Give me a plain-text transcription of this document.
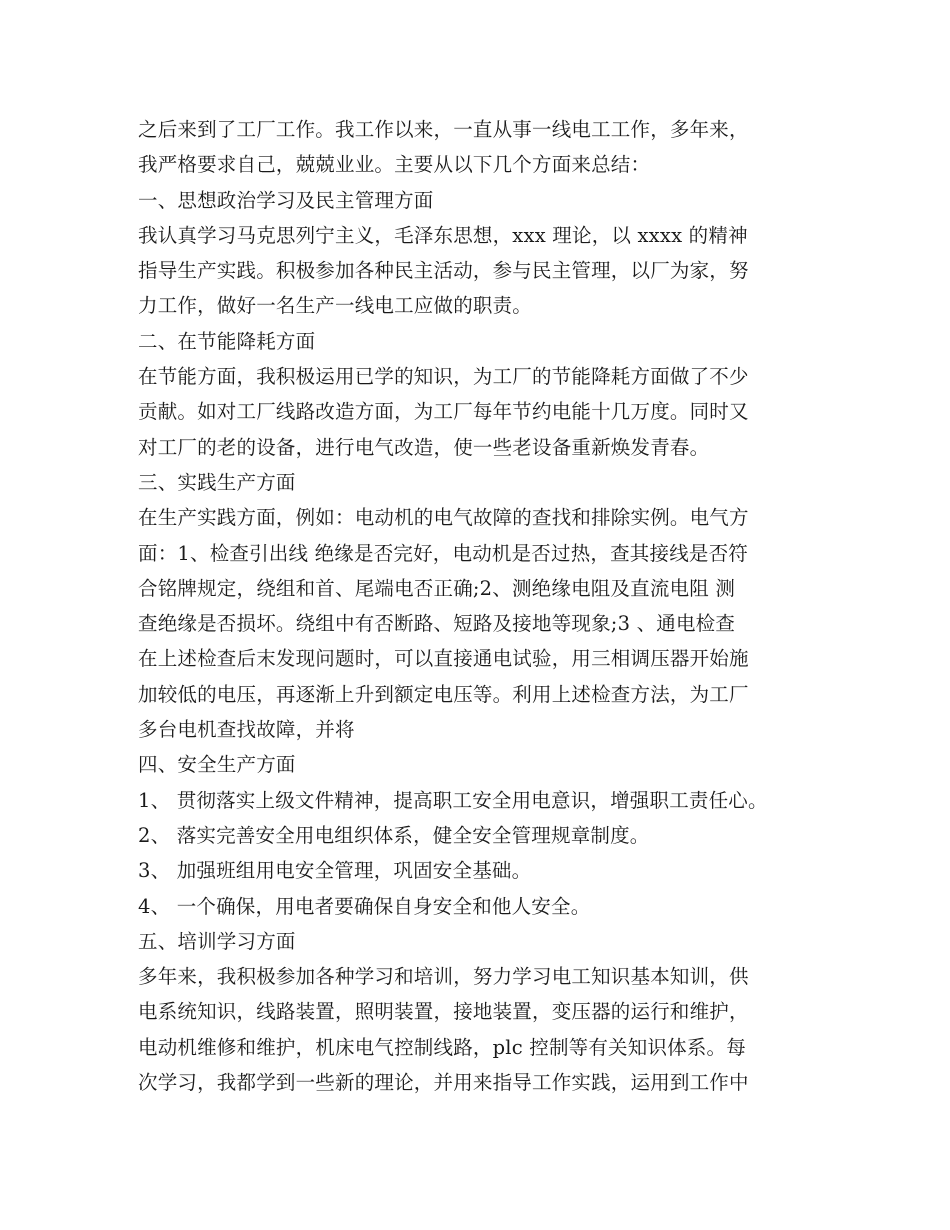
之后来到了工厂工作。我工作以来，一直从事一线电工工作，多年来，
我严格要求自己，兢兢业业。主要从以下几个方面来总结：
一、思想政治学习及民主管理方面
我认真学习马克思列宁主义，毛泽东思想，xxx 理论，以 xxxx 的精神
指导生产实践。积极参加各种民主活动，参与民主管理，以厂为家，努
力工作，做好一名生产一线电工应做的职责。
二、在节能降耗方面
在节能方面，我积极运用已学的知识，为工厂的节能降耗方面做了不少
贡献。如对工厂线路改造方面，为工厂每年节约电能十几万度。同时又
对工厂的老的设备，进行电气改造，使一些老设备重新焕发青春。
三、实践生产方面
在生产实践方面，例如：电动机的电气故障的查找和排除实例。电气方
面：1、检查引出线 绝缘是否完好，电动机是否过热，查其接线是否符
合铭牌规定，绕组和首、尾端电否正确;2、测绝缘电阻及直流电阻 测
查绝缘是否损坏。绕组中有否断路、短路及接地等现象;3 、通电检查
在上述检查后末发现问题时，可以直接通电试验，用三相调压器开始施
加较低的电压，再逐渐上升到额定电压等。利用上述检查方法，为工厂
多台电机查找故障，并将
四、安全生产方面
1、 贯彻落实上级文件精神，提高职工安全用电意识，增强职工责任心。
2、 落实完善安全用电组织体系，健全安全管理规章制度。
3、 加强班组用电安全管理，巩固安全基础。
4、 一个确保，用电者要确保自身安全和他人安全。
五、培训学习方面
多年来，我积极参加各种学习和培训，努力学习电工知识基本知训，供
电系统知识，线路装置，照明装置，接地装置，变压器的运行和维护，
电动机维修和维护，机床电气控制线路，plc 控制等有关知识体系。每
次学习，我都学到一些新的理论，并用来指导工作实践，运用到工作中
